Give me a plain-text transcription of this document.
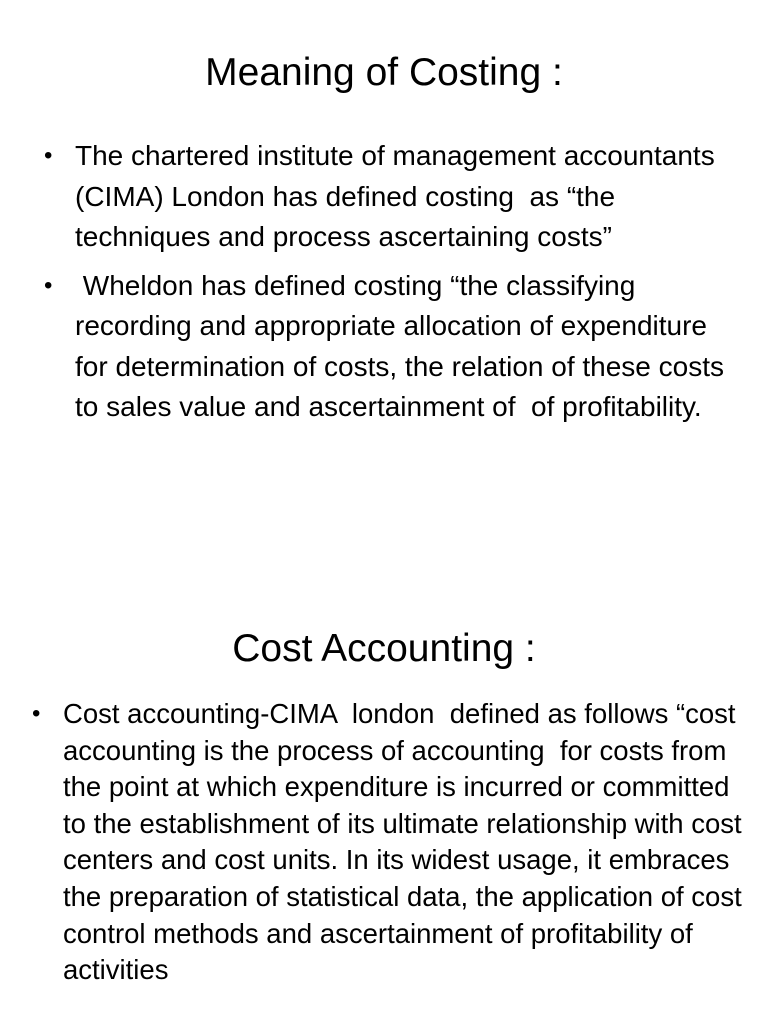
Meaning of Costing :
• The chartered institute of management accountants (CIMA) London has defined costing  as “the techniques and process ascertaining costs”
• Wheldon has defined costing “the classifying recording and appropriate allocation of expenditure for determination of costs, the relation of these costs to sales value and ascertainment of  of profitability.
Cost Accounting :
• Cost accounting-CIMA  london  defined as follows “cost accounting is the process of accounting  for costs from the point at which expenditure is incurred or committed to the establishment of its ultimate relationship with cost centers and cost units. In its widest usage, it embraces the preparation of statistical data, the application of cost control methods and ascertainment of profitability of activities
